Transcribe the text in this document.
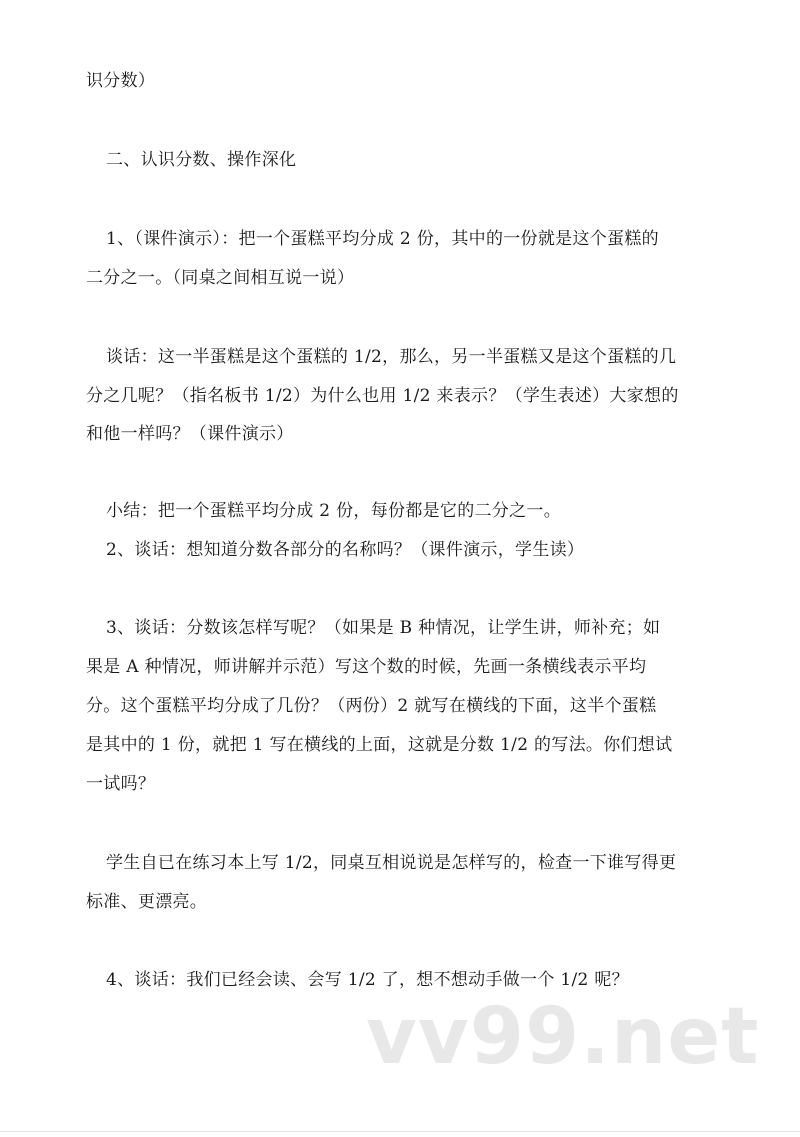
识分数）
二、认识分数、操作深化
1、（课件演示）：把一个蛋糕平均分成 2 份，其中的一份就是这个蛋糕的
二分之一。（同桌之间相互说一说）
谈话：这一半蛋糕是这个蛋糕的 1/2，那么，另一半蛋糕又是这个蛋糕的几
分之几呢？（指名板书 1/2）为什么也用 1/2 来表示？（学生表述）大家想的
和他一样吗？（课件演示）
小结：把一个蛋糕平均分成 2 份，每份都是它的二分之一。
2、谈话：想知道分数各部分的名称吗？（课件演示，学生读）
3、谈话：分数该怎样写呢？（如果是 B 种情况，让学生讲，师补充；如
果是 A 种情况，师讲解并示范）写这个数的时候，先画一条横线表示平均
分。这个蛋糕平均分成了几份？（两份）2 就写在横线的下面，这半个蛋糕
是其中的 1 份，就把 1 写在横线的上面，这就是分数 1/2 的写法。你们想试
一试吗？
学生自已在练习本上写 1/2，同桌互相说说是怎样写的，检查一下谁写得更
标准、更漂亮。
4、谈话：我们已经会读、会写 1/2 了，想不想动手做一个 1/2 呢？
vv99.net
